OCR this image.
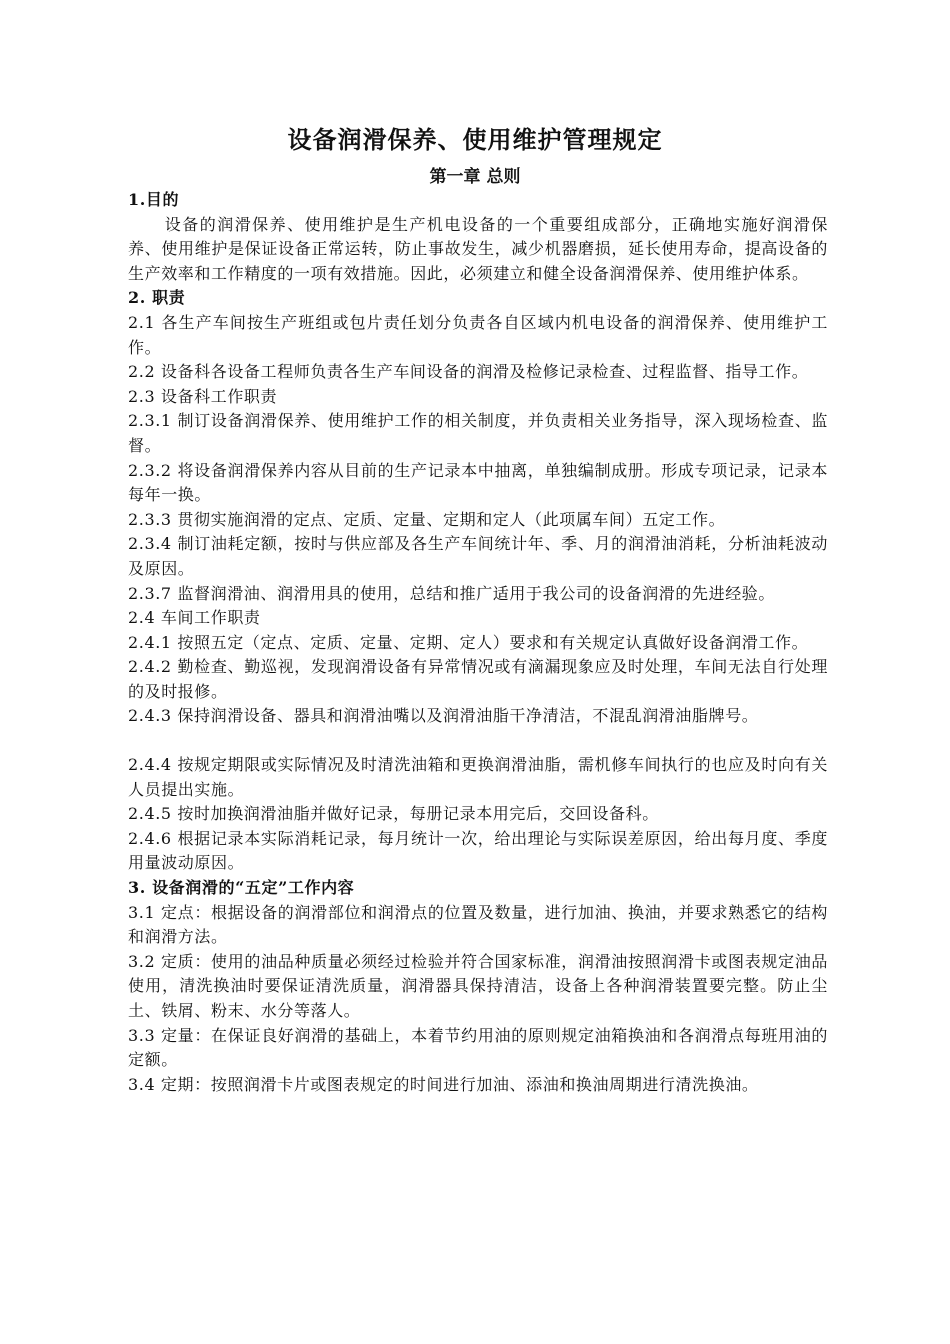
设备润滑保养、使用维护管理规定
第一章 总则

1.目的

设备的润滑保养、使用维护是生产机电设备的一个重要组成部分，正确地实施好润滑保养、使用维护是保证设备正常运转，防止事故发生，减少机器磨损，延长使用寿命，提高设备的生产效率和工作精度的一项有效措施。因此，必须建立和健全设备润滑保养、使用维护体系。

2. 职责

2.1 各生产车间按生产班组或包片责任划分负责各自区域内机电设备的润滑保养、使用维护工作。

2.2 设备科各设备工程师负责各生产车间设备的润滑及检修记录检查、过程监督、指导工作。

2.3 设备科工作职责

2.3.1 制订设备润滑保养、使用维护工作的相关制度，并负责相关业务指导，深入现场检查、监督。

2.3.2 将设备润滑保养内容从目前的生产记录本中抽离，单独编制成册。形成专项记录，记录本每年一换。

2.3.3 贯彻实施润滑的定点、定质、定量、定期和定人（此项属车间）五定工作。

2.3.4 制订油耗定额，按时与供应部及各生产车间统计年、季、月的润滑油消耗，分析油耗波动及原因。

2.3.7 监督润滑油、润滑用具的使用，总结和推广适用于我公司的设备润滑的先进经验。

2.4 车间工作职责

2.4.1 按照五定（定点、定质、定量、定期、定人）要求和有关规定认真做好设备润滑工作。

2.4.2 勤检查、勤巡视，发现润滑设备有异常情况或有滴漏现象应及时处理，车间无法自行处理的及时报修。

2.4.3 保持润滑设备、器具和润滑油嘴以及润滑油脂干净清洁，不混乱润滑油脂牌号。

2.4.4 按规定期限或实际情况及时清洗油箱和更换润滑油脂，需机修车间执行的也应及时向有关人员提出实施。

2.4.5 按时加换润滑油脂并做好记录，每册记录本用完后，交回设备科。

2.4.6 根据记录本实际消耗记录，每月统计一次，给出理论与实际误差原因，给出每月度、季度用量波动原因。

3. 设备润滑的“五定”工作内容

3.1 定点：根据设备的润滑部位和润滑点的位置及数量，进行加油、换油，并要求熟悉它的结构和润滑方法。

3.2 定质：使用的油品种质量必须经过检验并符合国家标准，润滑油按照润滑卡或图表规定油品使用，清洗换油时要保证清洗质量，润滑器具保持清洁，设备上各种润滑装置要完整。防止尘土、铁屑、粉末、水分等落人。

3.3 定量：在保证良好润滑的基础上，本着节约用油的原则规定油箱换油和各润滑点每班用油的定额。

3.4 定期：按照润滑卡片或图表规定的时间进行加油、添油和换油周期进行清洗换油。
